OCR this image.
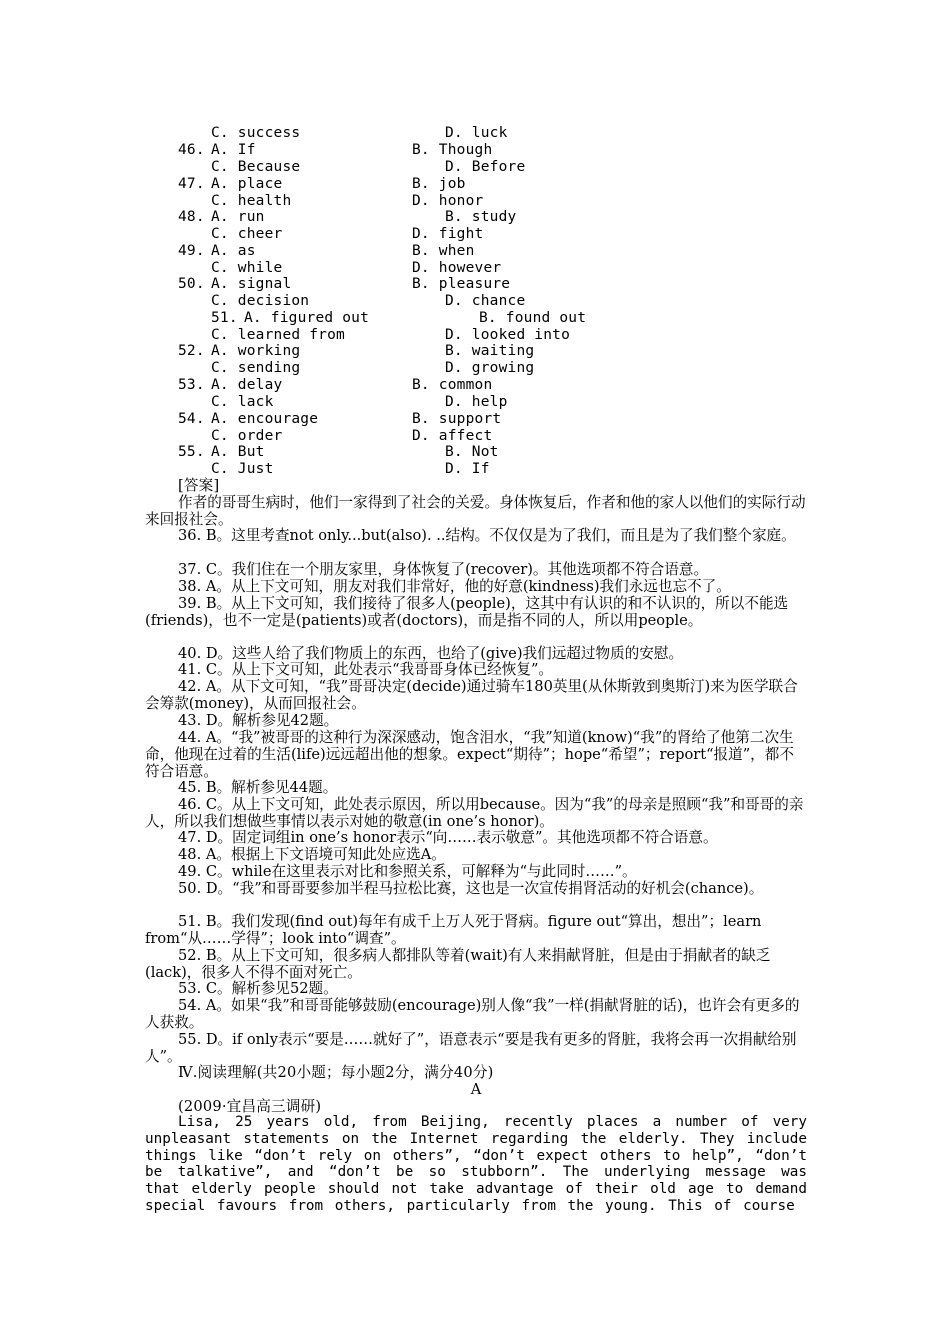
C. success	D. luck
46. A. If	B. Though
C. Because	D. Before
47. A. place	B. job
C. health	D. honor
48. A. run	B. study
C. cheer	D. fight
49. A. as	B. when
C. while	D. however
50. A. signal	B. pleasure
C. decision	D. chance
51. A. figured out	B. found out
C. learned from	D. looked into
52. A. working	B. waiting
C. sending	D. growing
53. A. delay	B. common
C. lack	D. help
54. A. encourage	B. support
C. order	D. affect
55. A. But	B. Not
C. Just	D. If
[答案]
作者的哥哥生病时，他们一家得到了社会的关爱。身体恢复后，作者和他的家人以他们的实际行动来回报社会。
36. B。这里考查not only...but(also). ..结构。不仅仅是为了我们，而且是为了我们整个家庭。
37. C。我们住在一个朋友家里，身体恢复了(recover)。其他选项都不符合语意。
38. A。从上下文可知，朋友对我们非常好，他的好意(kindness)我们永远也忘不了。
39. B。从上下文可知，我们接待了很多人(people)，这其中有认识的和不认识的，所以不能选(friends)，也不一定是(patients)或者(doctors)，而是指不同的人，所以用people。
40. D。这些人给了我们物质上的东西，也给了(give)我们远超过物质的安慰。
41. C。从上下文可知，此处表示“我哥哥身体已经恢复”。
42. A。从下文可知，“我”哥哥决定(decide)通过骑车180英里(从休斯敦到奥斯汀)来为医学联合会筹款(money)，从而回报社会。
43. D。解析参见42题。
44. A。“我”被哥哥的这种行为深深感动，饱含泪水，“我”知道(know)“我”的肾给了他第二次生命，他现在过着的生活(life)远远超出他的想象。expect“期待”；hope“希望”；report“报道”，都不符合语意。
45. B。解析参见44题。
46. C。从上下文可知，此处表示原因，所以用because。因为“我”的母亲是照顾“我”和哥哥的亲人，所以我们想做些事情以表示对她的敬意(in one’s honor)。
47. D。固定词组in one’s honor表示“向……表示敬意”。其他选项都不符合语意。
48. A。根据上下文语境可知此处应选A。
49. C。while在这里表示对比和参照关系，可解释为“与此同时……”。
50. D。“我”和哥哥要参加半程马拉松比赛，这也是一次宣传捐肾活动的好机会(chance)。
51. B。我们发现(find out)每年有成千上万人死于肾病。figure out“算出，想出”；learn from“从……学得”；look into“调查”。
52. B。从上下文可知，很多病人都排队等着(wait)有人来捐献肾脏，但是由于捐献者的缺乏(lack)，很多人不得不面对死亡。
53. C。解析参见52题。
54. A。如果“我”和哥哥能够鼓励(encourage)别人像“我”一样(捐献肾脏的话)，也许会有更多的人获救。
55. D。if only表示“要是……就好了”，语意表示“要是我有更多的肾脏，我将会再一次捐献给别人”。
Ⅳ.阅读理解(共20小题；每小题2分，满分40分)
A
(2009·宜昌高三调研)
Lisa, 25 years old, from Beijing, recently places a number of very unpleasant statements on the Internet regarding the elderly. They include things like “don’t rely on others”, “don’t expect others to help”, “don’t be talkative”, and “don’t be so stubborn”. The underlying message was that elderly people should not take advantage of their old age to demand special favours from others, particularly from the young. This of course
